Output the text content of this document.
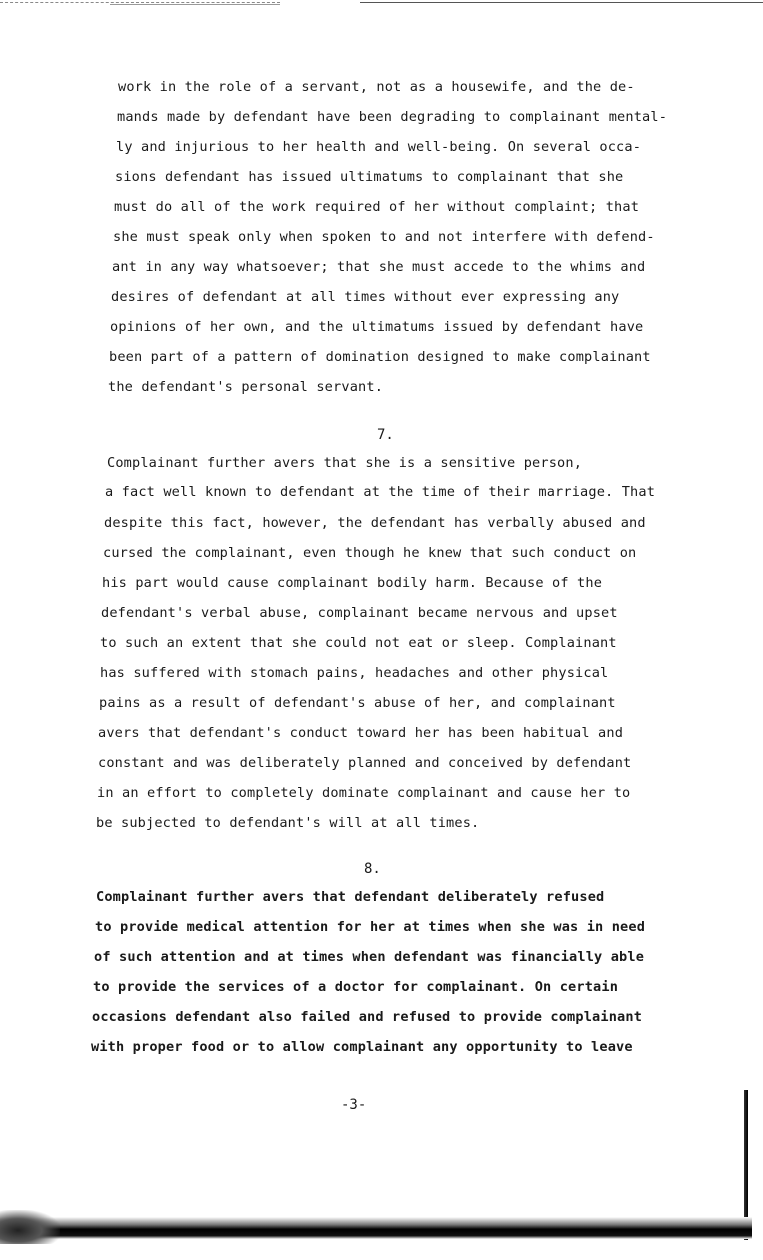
work in the role of a servant, not as a housewife, and the de-
mands made by defendant have been degrading to complainant mental-
ly and injurious to her health and well-being. On several occa-
sions defendant has issued ultimatums to complainant that she
must do all of the work required of her without complaint; that
she must speak only when spoken to and not interfere with defend-
ant in any way whatsoever; that she must accede to the whims and
desires of defendant at all times without ever expressing any
opinions of her own, and the ultimatums issued by defendant have
been part of a pattern of domination designed to make complainant
the defendant's personal servant.
7.
Complainant further avers that she is a sensitive person,
a fact well known to defendant at the time of their marriage. That
despite this fact, however, the defendant has verbally abused and
cursed the complainant, even though he knew that such conduct on
his part would cause complainant bodily harm. Because of the
defendant's verbal abuse, complainant became nervous and upset
to such an extent that she could not eat or sleep. Complainant
has suffered with stomach pains, headaches and other physical
pains as a result of defendant's abuse of her, and complainant
avers that defendant's conduct toward her has been habitual and
constant and was deliberately planned and conceived by defendant
in an effort to completely dominate complainant and cause her to
be subjected to defendant's will at all times.
8.
Complainant further avers that defendant deliberately refused
to provide medical attention for her at times when she was in need
of such attention and at times when defendant was financially able
to provide the services of a doctor for complainant. On certain
occasions defendant also failed and refused to provide complainant
with proper food or to allow complainant any opportunity to leave
-3-
